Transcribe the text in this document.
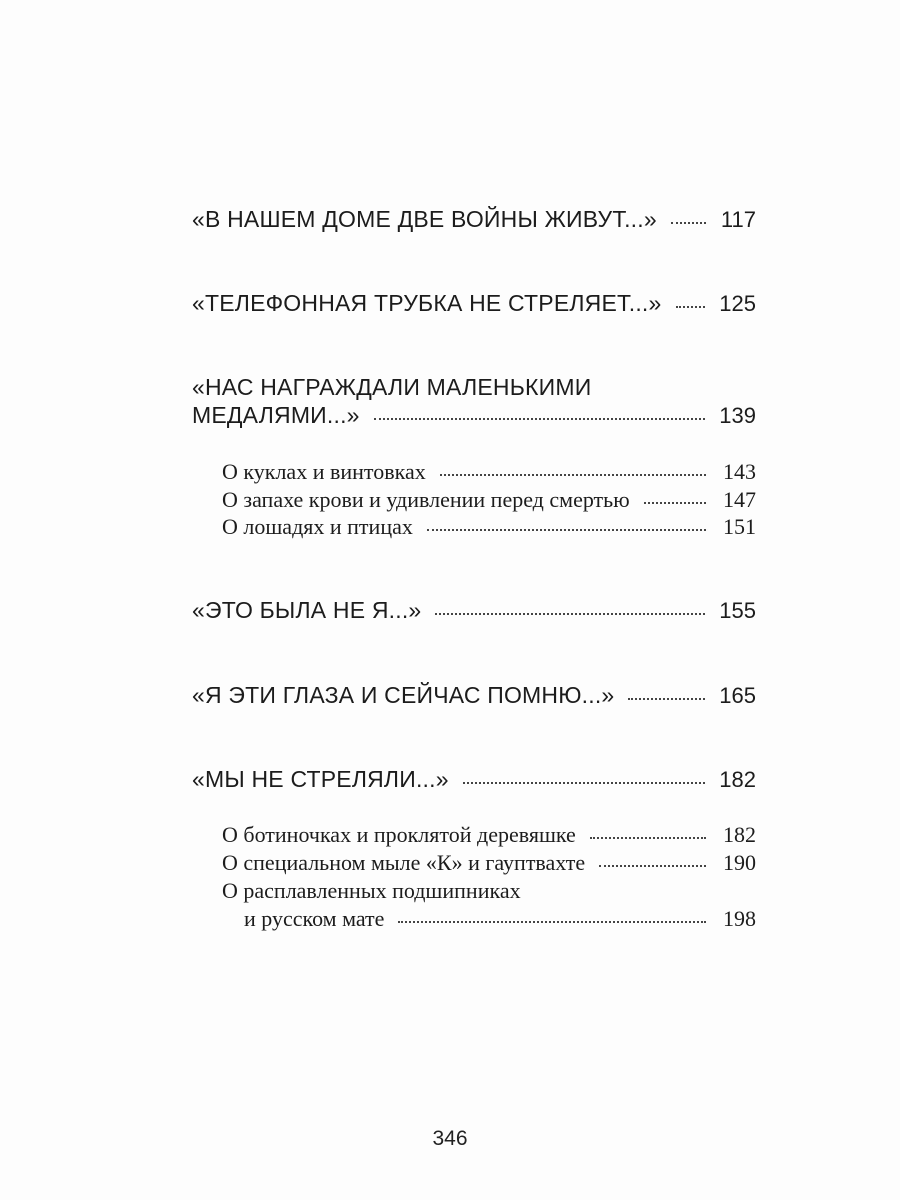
«В НАШЕМ ДОМЕ ДВЕ ВОЙНЫ ЖИВУТ...»	117
«ТЕЛЕФОННАЯ ТРУБКА НЕ СТРЕЛЯЕТ...»	125
«НАС НАГРАЖДАЛИ МАЛЕНЬКИМИ
МЕДАЛЯМИ...»	139
О куклах и винтовках	143
О запахе крови и удивлении перед смертью	147
О лошадях и птицах	151
«ЭТО БЫЛА НЕ Я...»	155
«Я ЭТИ ГЛАЗА И СЕЙЧАС ПОМНЮ...»	165
«МЫ НЕ СТРЕЛЯЛИ...»	182
О ботиночках и проклятой деревяшке	182
О специальном мыле «К» и гауптвахте	190
О расплавленных подшипниках
и русском мате	198
346
